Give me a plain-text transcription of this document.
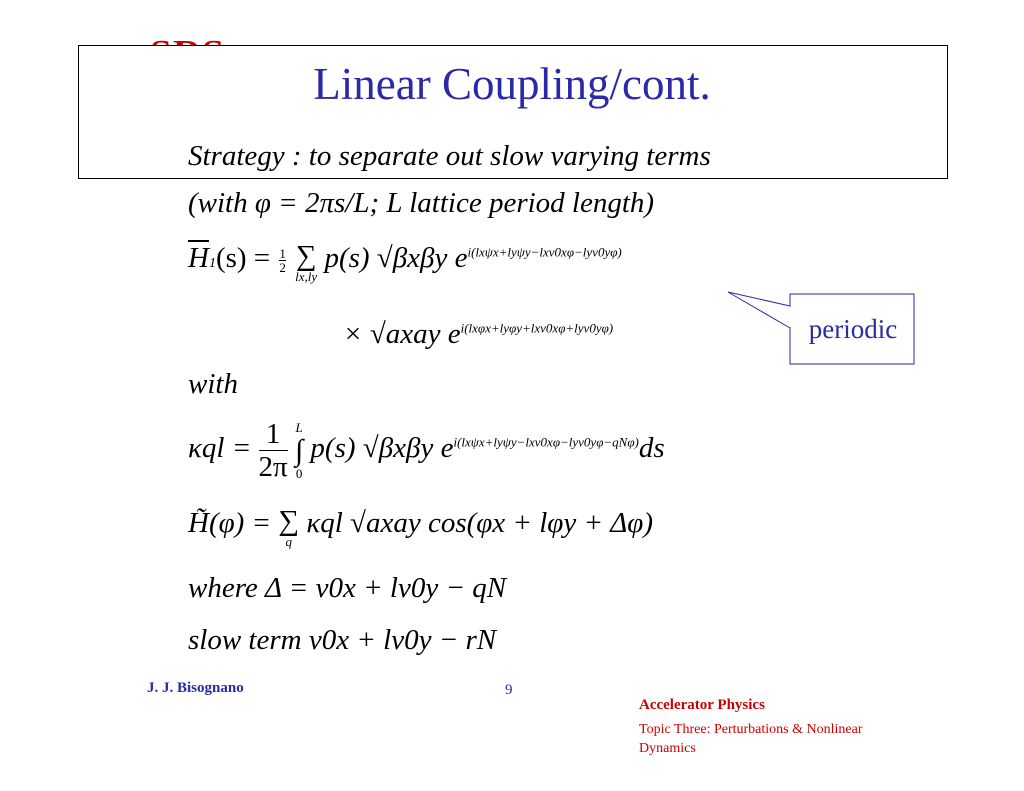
Linear Coupling/cont.
Strategy : to separate out slow varying terms
(with φ = 2πs/L; L lattice period length)
$\overline{H}1(s) = \frac{1}{2}$
∑
lx,ly
p(s) √βxβy $e^{i(lx\psi x+ly\psi y-lx\nu 0x\varphi-ly\nu 0y\varphi)}$
× √axay $e^{i(lx\varphi x+ly\varphi y+lx\nu 0x\varphi+ly\nu 0y\varphi)}$	periodic
with
$\kappa ql = \frac{1}{2\pi}$
L
∫
0
p(s) √βxβy $e^{i(lx\psi x+ly\psi y-lx\nu 0x\varphi-ly\nu 0y\varphi-qN\varphi)}ds$
H̃(φ) = ∑
q
κql √axay cos(φx + lφy + Δφ)
where Δ = ν0x + lν0y − qN
slow term ν0x + lν0y − rN
J. J. Bisognano	9
Accelerator Physics
Topic Three: Perturbations & Nonlinear Dynamics
